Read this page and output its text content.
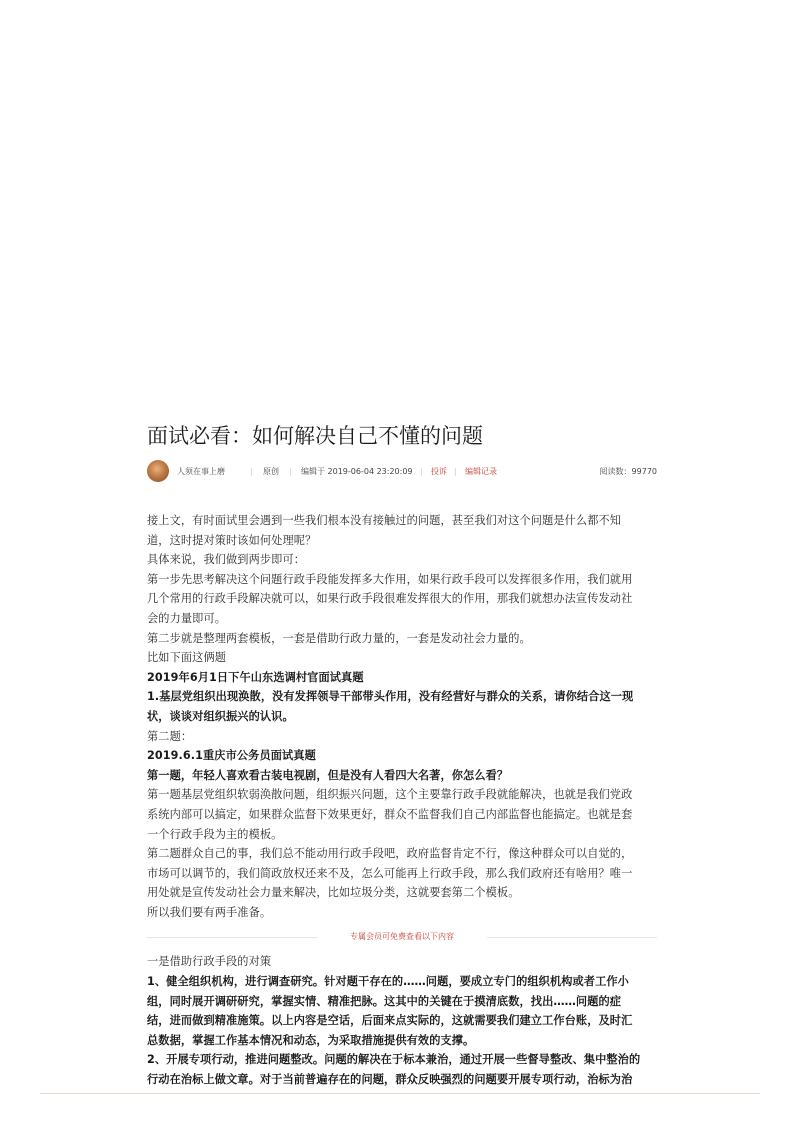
面试必看：如何解决自己不懂的问题
人须在事上磨	| 原创 | 编辑于 2019-06-04 23:20:09 | 投诉 | 编辑记录	阅读数：99770

接上文，有时面试里会遇到一些我们根本没有接触过的问题，甚至我们对这个问题是什么都不知

道，这时提对策时该如何处理呢？

具体来说，我们做到两步即可：

第一步先思考解决这个问题行政手段能发挥多大作用，如果行政手段可以发挥很多作用，我们就用

几个常用的行政手段解决就可以，如果行政手段很难发挥很大的作用，那我们就想办法宣传发动社

会的力量即可。

第二步就是整理两套模板，一套是借助行政力量的，一套是发动社会力量的。

比如下面这俩题

2019年6月1日下午山东选调村官面试真题

1.基层党组织出现涣散，没有发挥领导干部带头作用，没有经营好与群众的关系，请你结合这一现

状，谈谈对组织振兴的认识。

第二题：

2019.6.1重庆市公务员面试真题

第一题，年轻人喜欢看古装电视剧，但是没有人看四大名著，你怎么看？

第一题基层党组织软弱涣散问题，组织振兴问题，这个主要靠行政手段就能解决，也就是我们党政

系统内部可以搞定，如果群众监督下效果更好，群众不监督我们自己内部监督也能搞定。也就是套

一个行政手段为主的模板。

第二题群众自己的事，我们总不能动用行政手段吧，政府监督肯定不行，像这种群众可以自觉的，

市场可以调节的，我们简政放权还来不及，怎么可能再上行政手段，那么我们政府还有啥用？唯一

用处就是宣传发动社会力量来解决，比如垃圾分类，这就要套第二个模板。

所以我们要有两手准备。

专属会员可免费查看以下内容

一是借助行政手段的对策

1、健全组织机构，进行调查研究。针对题干存在的……问题，要成立专门的组织机构或者工作小

组，同时展开调研研究，掌握实情、精准把脉。这其中的关键在于摸清底数，找出……问题的症

结，进而做到精准施策。以上内容是空话，后面来点实际的，这就需要我们建立工作台账，及时汇

总数据，掌握工作基本情况和动态，为采取措施提供有效的支撑。

2、开展专项行动，推进问题整改。问题的解决在于标本兼治，通过开展一些督导整改、集中整治的

行动在治标上做文章。对于当前普遍存在的问题，群众反映强烈的问题要开展专项行动，治标为治
